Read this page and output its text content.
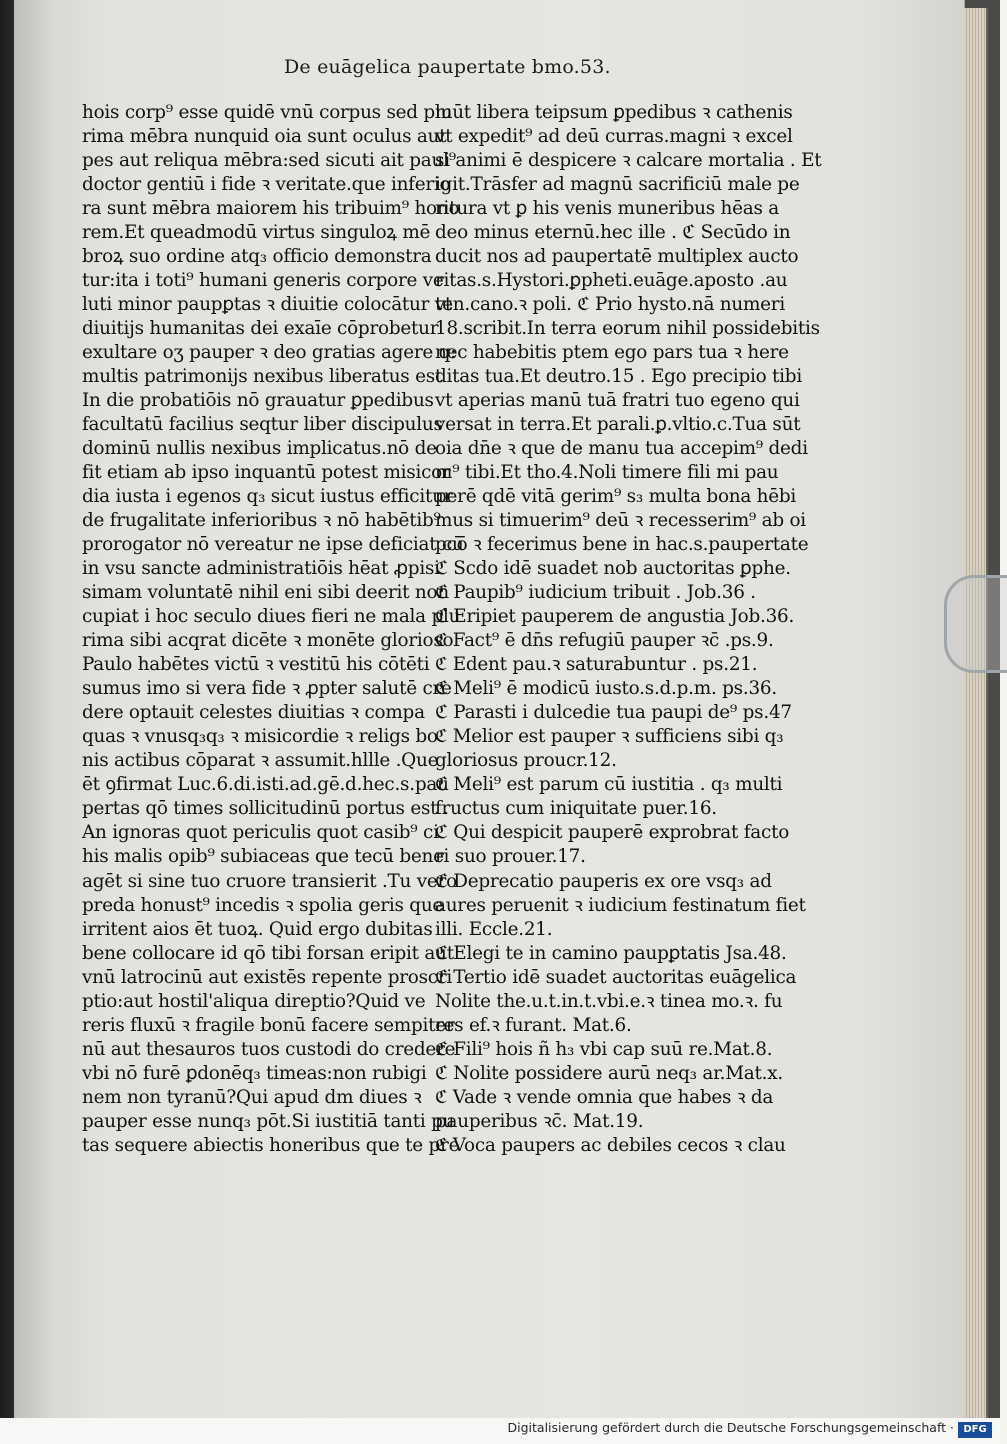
De euāgelica paupertate bmo.53.
hois corp⁹ esse quidē vnū corpus sed plu
rima mēbra nunquid oia sunt oculus aut
pes aut reliqua mēbra:sed sicuti ait paul⁹
doctor gentiū i fide ꝛ veritate.que inferio
ra sunt mēbra maiorem his tribuim⁹ hono
rem.Et queadmodū virtus singuloꝝ mē
broꝝ suo ordine atq₃ officio demonstra
tur:ita i toti⁹ humani generis corpore ve
luti minor paupꝑtas ꝛ diuitie colocātur vt
diuitijs humanitas dei exaīe cōprobetur
exultare oʒ pauper ꝛ deo gratias agere q:
multis patrimonijs nexibus liberatus est
In die probatiōis nō grauatur ꝑpedibus
facultatū facilius seqtur liber discipulus
dominū nullis nexibus implicatus.nō de
fit etiam ab ipso inquantū potest misicor
dia iusta i egenos q₃ sicut iustus efficitur
de frugalitate inferioribus ꝛ nō habētib⁹
prorogator nō vereatur ne ipse deficiat cū
in vsu sancte administratiōis hēat ꝓpisi
simam voluntatē nihil eni sibi deerit non
cupiat i hoc seculo diues fieri ne mala plu
rima sibi acqrat dicēte ꝛ monēte glorioso
Paulo habētes victū ꝛ vestitū his cōtēti
sumus imo si vera fide ꝛ ꝓpter salutē cre
dere optauit celestes diuitias ꝛ compa
quas ꝛ vnusq₃q₃ ꝛ misicordie ꝛ religs bo
nis actibus cōparat ꝛ assumit.hllle .Que
ēt ꝯfirmat Luc.6.di.isti.ad.gē.d.hec.s.pau
pertas qō times sollicitudinū portus est .
An ignoras quot periculis quot casib⁹ ci
his malis opib⁹ subiaceas que tecū bene
agēt si sine tuo cruore transierit .Tu vero
preda honust⁹ incedis ꝛ spolia geris que
irritent aios ēt tuoꝝ. Quid ergo dubitas
bene collocare id qō tibi forsan eripit aut
vnū latrocinū aut existēs repente proscri
ptio:aut hostil'aliqua direptio?Quid ve
reris fluxū ꝛ fragile bonū facere sempiter
nū aut thesauros tuos custodi do credere
vbi nō furē ꝑdonēq₃ timeas:non rubigi
nem non tyranū?Qui apud dm diues ꝛ
pauper esse nunq₃ pōt.Si iustitiā tanti pu
tas sequere abiectis honeribus que te pre
mūt libera teipsum ꝑpedibus ꝛ cathenis
vt expedit⁹ ad deū curras.magni ꝛ excel
si animi ē despicere ꝛ calcare mortalia . Et
igit.Trāsfer ad magnū sacrificiū male pe
ritura vt ꝑ his venis muneribus hēas a
deo minus eternū.hec ille . ℭ Secūdo in
ducit nos ad paupertatē multiplex aucto
ritas.s.Hystori.ꝑpheti.euāge.aposto .au
ten.cano.ꝛ poli. ℭ Prio hysto.nā numeri
18.scribit.In terra eorum nihil possidebitis
nec habebitis ptem ego pars tua ꝛ here
ditas tua.Et deutro.15 . Ego precipio tibi
vt aperias manū tuā fratri tuo egeno qui
versat in terra.Et parali.ꝑ.vltio.c.Tua sūt
oia dn̄e ꝛ que de manu tua accepim⁹ dedi
m⁹ tibi.Et tho.4.Noli timere fili mi pau
perē qdē vitā gerim⁹ s₃ multa bona hēbi
mus si timuerim⁹ deū ꝛ recesserim⁹ ab oi
pcō ꝛ fecerimus bene in hac.s.paupertate
ℭ Scdo idē suadet nob auctoritas ꝑphe.
ℭ Paupib⁹ iudicium tribuit . Job.36 .
ℭ Eripiet pauperem de angustia Job.36.
ℭ Fact⁹ ē dn̄s refugiū pauper ꝛc̄ .ps.9.
ℭ Edent pau.ꝛ saturabuntur . ps.21.
ℭ Meli⁹ ē modicū iusto.s.d.p.m. ps.36.
ℭ Parasti i dulcedie tua paupi de⁹ ps.47
ℭ Melior est pauper ꝛ sufficiens sibi q₃
gloriosus proucr.12.
ℭ Meli⁹ est parum cū iustitia . q₃ multi
fructus cum iniquitate puer.16.
ℭ Qui despicit pauperē exprobrat facto
ri suo prouer.17.
ℭ Deprecatio pauperis ex ore vsq₃ ad
aures peruenit ꝛ iudicium festinatum fiet
illi. Eccle.21.
ℭ Elegi te in camino paupꝑtatis Jsa.48.
ℭ Tertio idē suadet auctoritas euāgelica
Nolite the.u.t.in.t.vbi.e.ꝛ tinea mo.ꝛ. fu
res ef.ꝛ furant. Mat.6.
ℭ Fili⁹ hois ñ h₃ vbi cap suū re.Mat.8.
ℭ Nolite possidere aurū neq₃ ar.Mat.x.
ℭ Vade ꝛ vende omnia que habes ꝛ da
pauperibus ꝛc̄. Mat.19.
ℭ Voca paupers ac debiles cecos ꝛ clau
Digitalisierung gefördert durch die Deutsche Forschungsgemeinschaft · DFG
